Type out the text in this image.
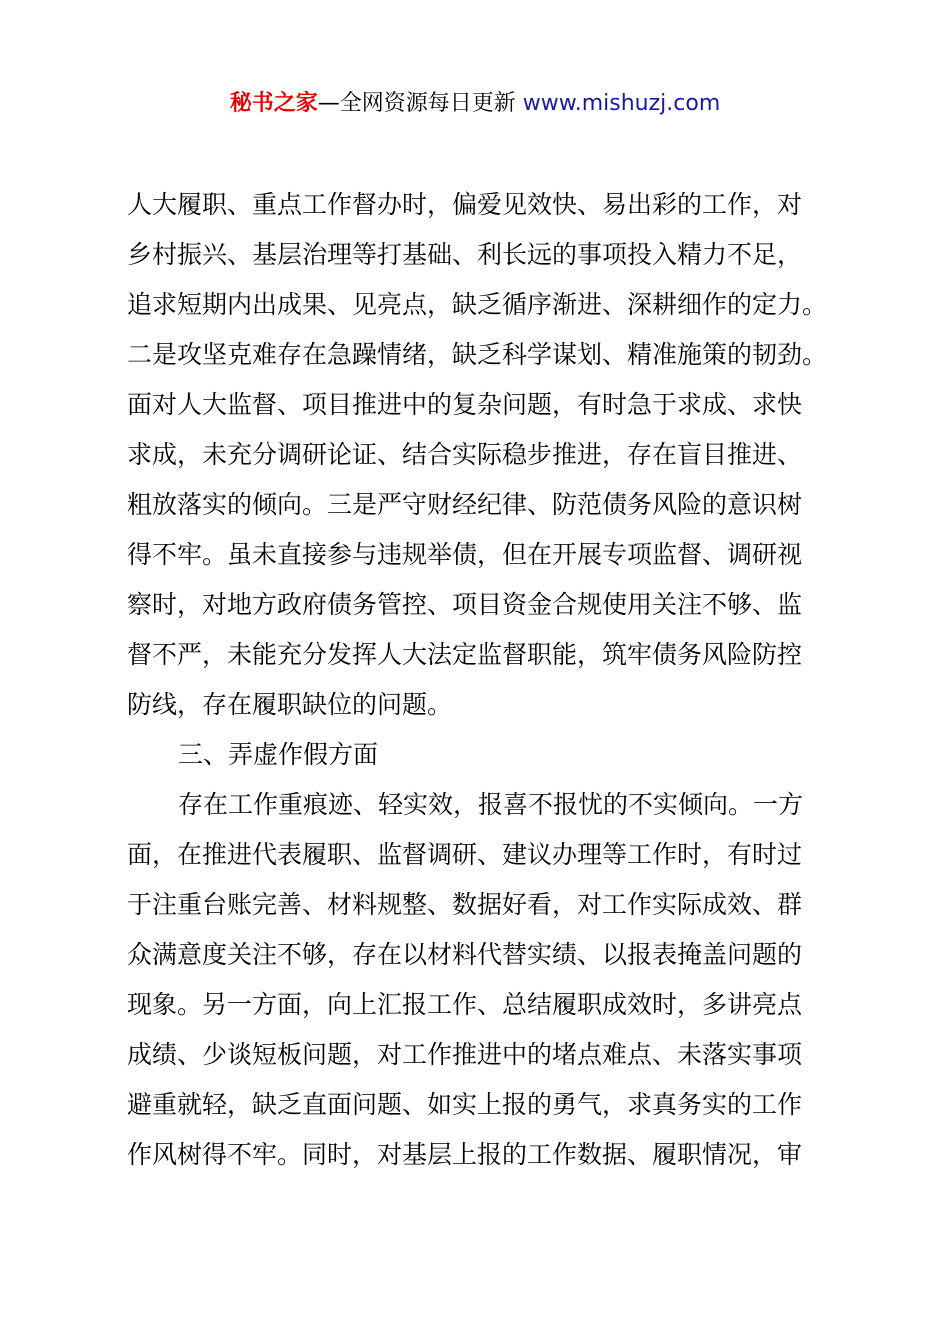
秘书之家—全网资源每日更新 www.mishuzj.com
人大履职、重点工作督办时，偏爱见效快、易出彩的工作，对
乡村振兴、基层治理等打基础、利长远的事项投入精力不足，
追求短期内出成果、见亮点，缺乏循序渐进、深耕细作的定力。
二是攻坚克难存在急躁情绪，缺乏科学谋划、精准施策的韧劲。
面对人大监督、项目推进中的复杂问题，有时急于求成、求快
求成，未充分调研论证、结合实际稳步推进，存在盲目推进、
粗放落实的倾向。三是严守财经纪律、防范债务风险的意识树
得不牢。虽未直接参与违规举债，但在开展专项监督、调研视
察时，对地方政府债务管控、项目资金合规使用关注不够、监
督不严，未能充分发挥人大法定监督职能，筑牢债务风险防控
防线，存在履职缺位的问题。
三、弄虚作假方面
存在工作重痕迹、轻实效，报喜不报忧的不实倾向。一方
面，在推进代表履职、监督调研、建议办理等工作时，有时过
于注重台账完善、材料规整、数据好看，对工作实际成效、群
众满意度关注不够，存在以材料代替实绩、以报表掩盖问题的
现象。另一方面，向上汇报工作、总结履职成效时，多讲亮点
成绩、少谈短板问题，对工作推进中的堵点难点、未落实事项
避重就轻，缺乏直面问题、如实上报的勇气，求真务实的工作
作风树得不牢。同时，对基层上报的工作数据、履职情况，审
